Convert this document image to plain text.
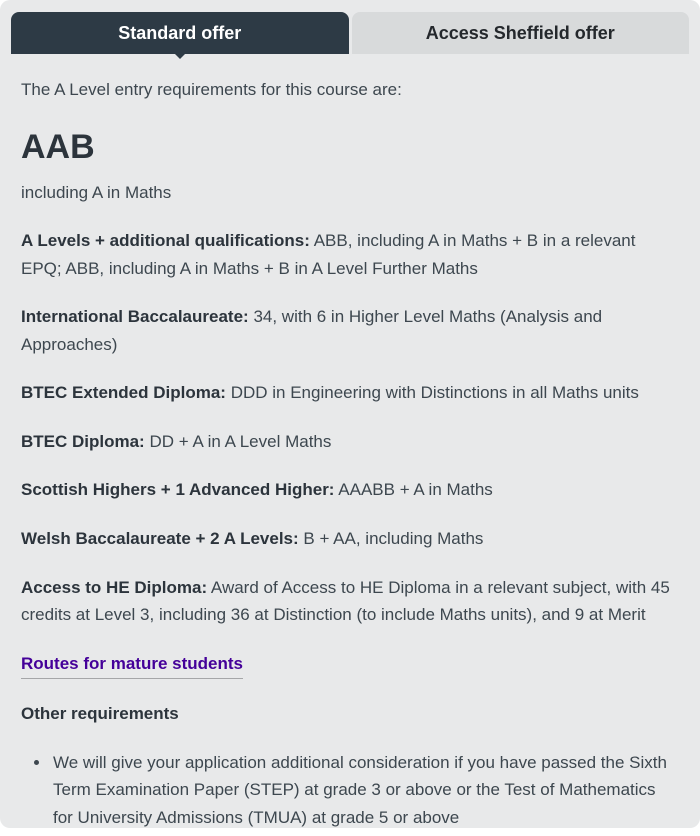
Standard offer	Access Sheffield offer

The A Level entry requirements for this course are:

AAB

including A in Maths

A Levels + additional qualifications: ABB, including A in Maths + B in a relevant EPQ; ABB, including A in Maths + B in A Level Further Maths

International Baccalaureate: 34, with 6 in Higher Level Maths (Analysis and Approaches)

BTEC Extended Diploma: DDD in Engineering with Distinctions in all Maths units

BTEC Diploma: DD + A in A Level Maths

Scottish Highers + 1 Advanced Higher: AAABB + A in Maths

Welsh Baccalaureate + 2 A Levels: B + AA, including Maths

Access to HE Diploma: Award of Access to HE Diploma in a relevant subject, with 45 credits at Level 3, including 36 at Distinction (to include Maths units), and 9 at Merit

Routes for mature students

Other requirements

• We will give your application additional consideration if you have passed the Sixth Term Examination Paper (STEP) at grade 3 or above or the Test of Mathematics for University Admissions (TMUA) at grade 5 or above
